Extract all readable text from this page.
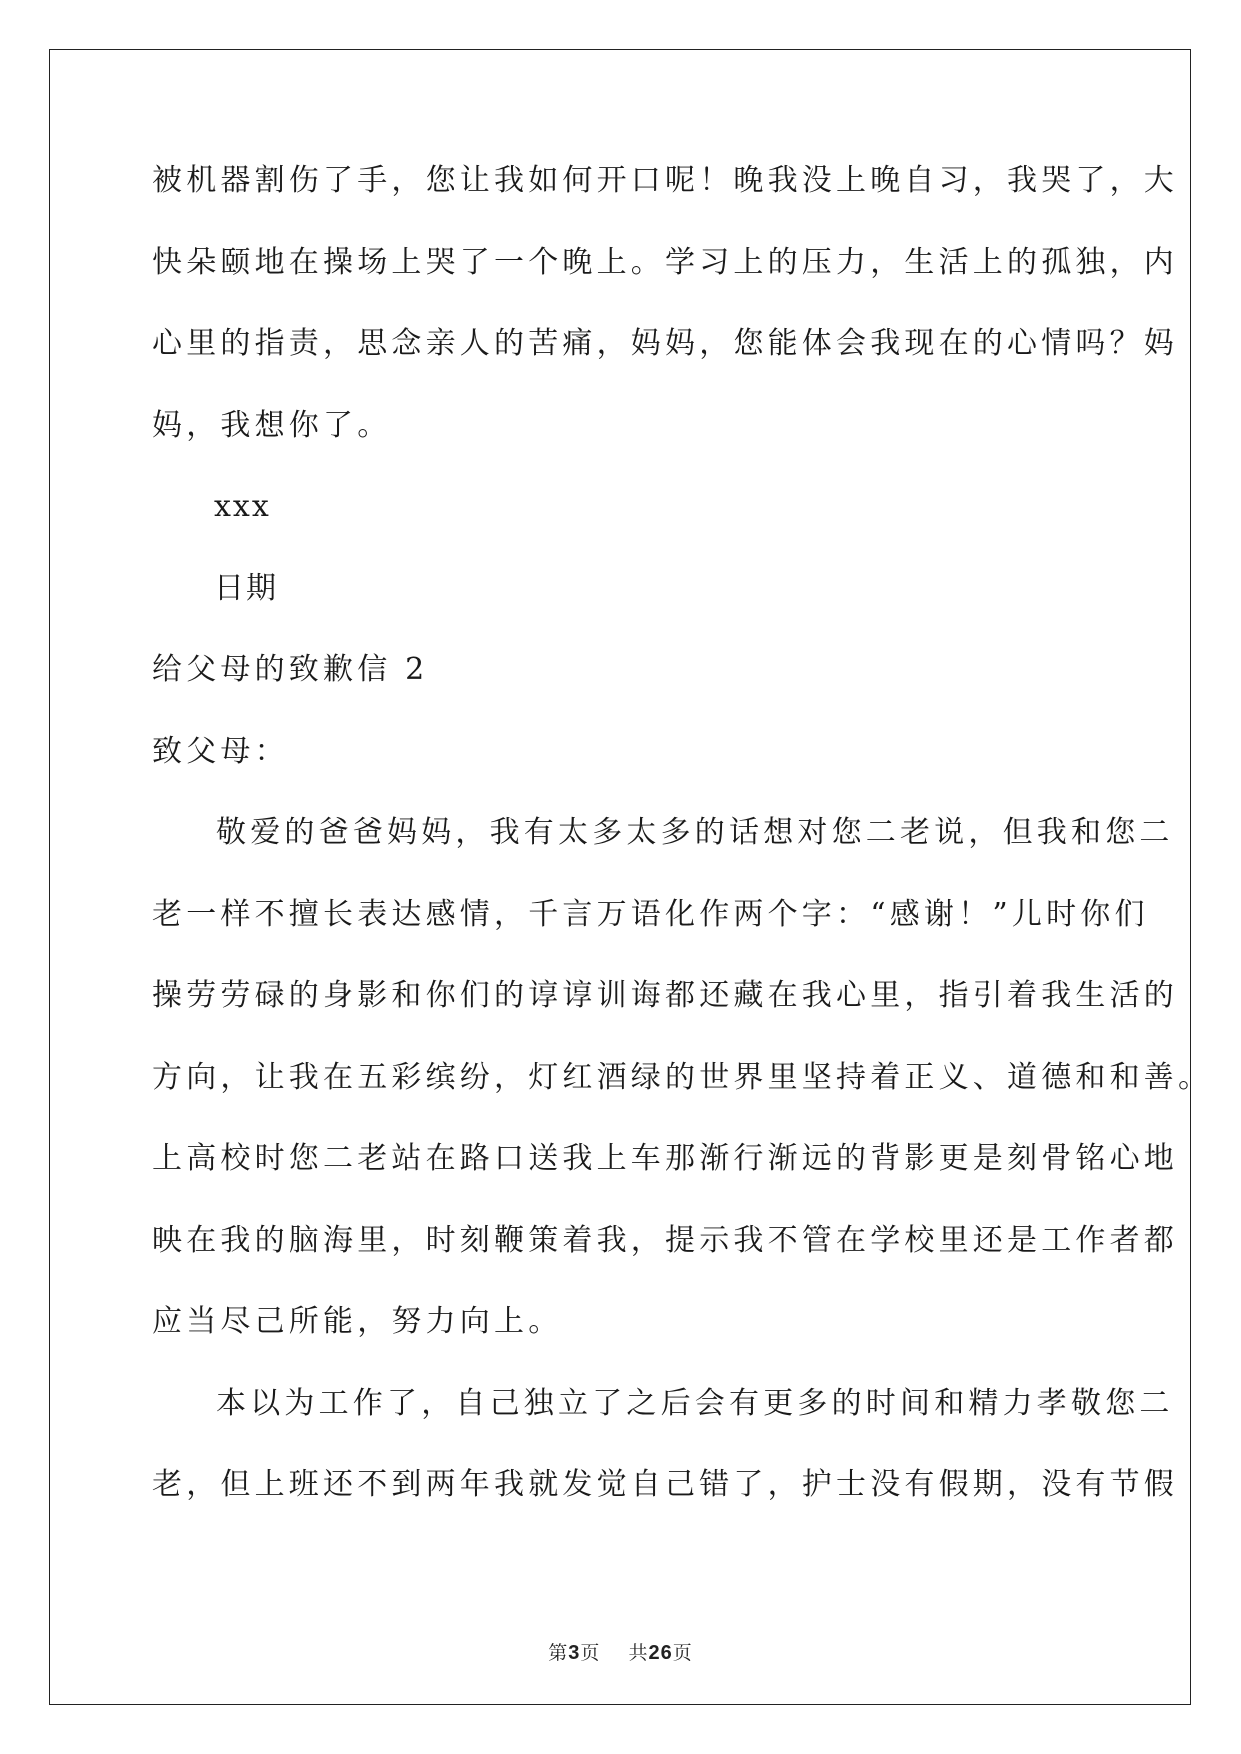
被机器割伤了手，您让我如何开口呢！晚我没上晚自习，我哭了，大
快朵颐地在操场上哭了一个晚上。学习上的压力，生活上的孤独，内
心里的指责，思念亲人的苦痛，妈妈，您能体会我现在的心情吗？妈
妈，我想你了。
xxx
日期
给父母的致歉信 2
致父母：
敬爱的爸爸妈妈，我有太多太多的话想对您二老说，但我和您二
老一样不擅长表达感情，千言万语化作两个字：“感谢！”儿时你们
操劳劳碌的身影和你们的谆谆训诲都还藏在我心里，指引着我生活的
方向，让我在五彩缤纷，灯红酒绿的世界里坚持着正义、道德和和善。
上高校时您二老站在路口送我上车那渐行渐远的背影更是刻骨铭心地
映在我的脑海里，时刻鞭策着我，提示我不管在学校里还是工作者都
应当尽己所能，努力向上。
本以为工作了，自己独立了之后会有更多的时间和精力孝敬您二
老，但上班还不到两年我就发觉自己错了，护士没有假期，没有节假
第3页 共26页
